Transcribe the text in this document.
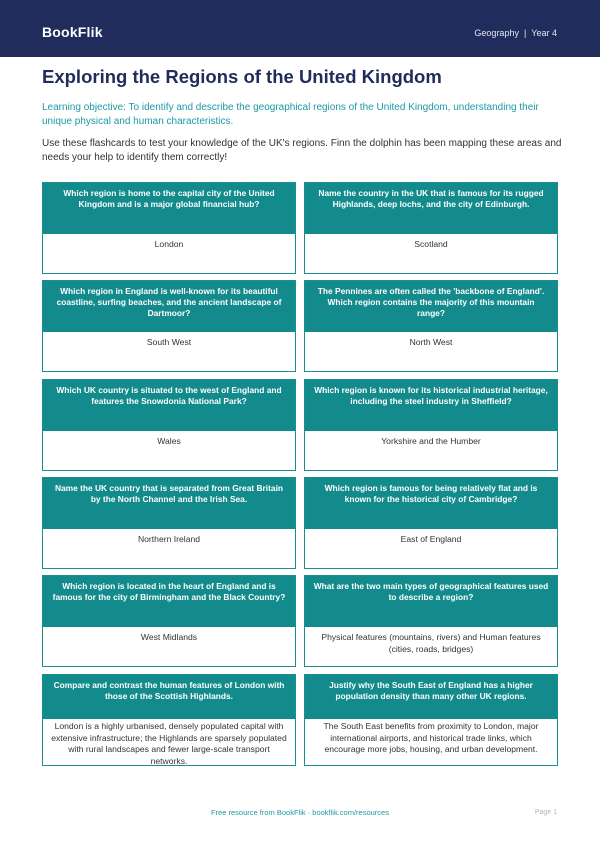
BookFlik	Geography | Year 4
Exploring the Regions of the United Kingdom

Learning objective: To identify and describe the geographical regions of the United Kingdom, understanding their unique physical and human characteristics.

Use these flashcards to test your knowledge of the UK's regions. Finn the dolphin has been mapping these areas and needs your help to identify them correctly!

Which region is home to the capital city of the United Kingdom and is a major global financial hub?
London
Name the country in the UK that is famous for its rugged Highlands, deep lochs, and the city of Edinburgh.
Scotland
Which region in England is well-known for its beautiful coastline, surfing beaches, and the ancient landscape of Dartmoor?
South West
The Pennines are often called the 'backbone of England'. Which region contains the majority of this mountain range?
North West
Which UK country is situated to the west of England and features the Snowdonia National Park?
Wales
Which region is known for its historical industrial heritage, including the steel industry in Sheffield?
Yorkshire and the Humber
Name the UK country that is separated from Great Britain by the North Channel and the Irish Sea.
Northern Ireland
Which region is famous for being relatively flat and is known for the historical city of Cambridge?
East of England
Which region is located in the heart of England and is famous for the city of Birmingham and the Black Country?
West Midlands
What are the two main types of geographical features used to describe a region?
Physical features (mountains, rivers) and Human features (cities, roads, bridges)
Compare and contrast the human features of London with those of the Scottish Highlands.
London is a highly urbanised, densely populated capital with extensive infrastructure; the Highlands are sparsely populated with rural landscapes and fewer large-scale transport networks.
Justify why the South East of England has a higher population density than many other UK regions.
The South East benefits from proximity to London, major international airports, and historical trade links, which encourage more jobs, housing, and urban development.
Free resource from BookFlik · bookflik.com/resources	Page 1
